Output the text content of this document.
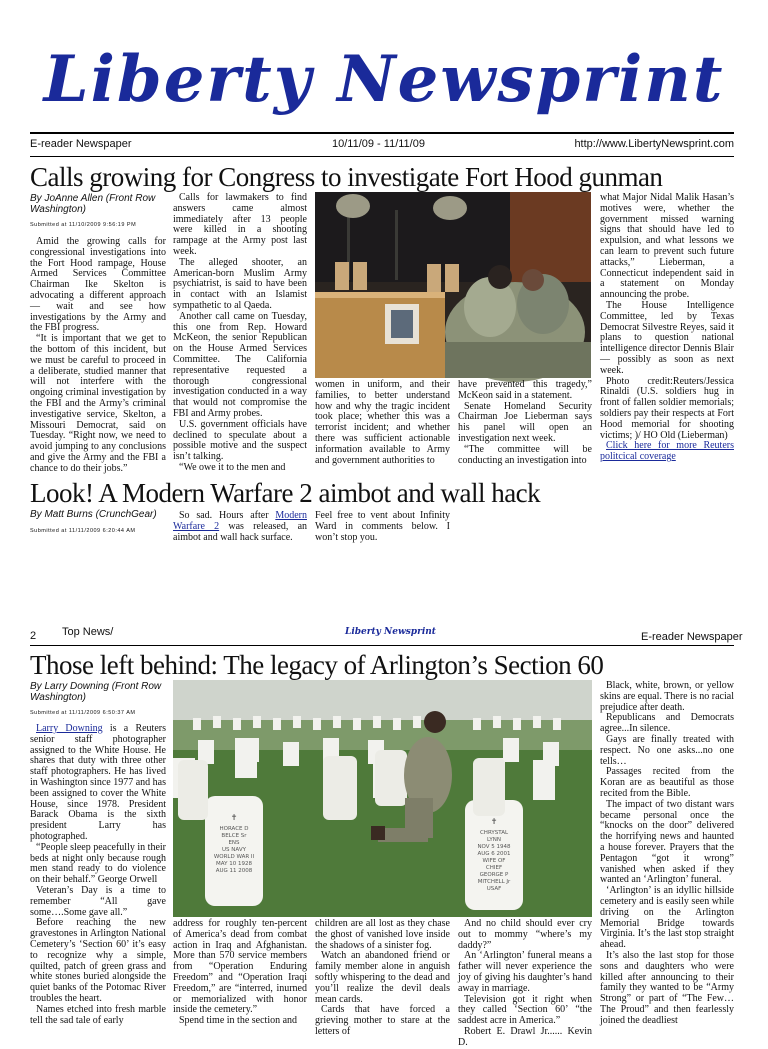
Liberty Newsprint
E-reader Newspaper	10/11/09 - 11/11/09	http://www.LibertyNewsprint.com
Calls growing for Congress to investigate Fort Hood gunman
By JoAnne Allen (Front Row Washington)
Submitted at 11/10/2009 9:56:19 PM

Amid the growing calls for congressional investigations into the Fort Hood rampage, House Armed Services Committee Chairman Ike Skelton is advocating a different approach — wait and see how investigations by the Army and the FBI progress.

“It is important that we get to the bottom of this incident, but we must be careful to proceed in a deliberate, studied manner that will not interfere with the ongoing criminal investigation by the FBI and the Army’s criminal investigative service, Skelton, a Missouri Democrat, said on Tuesday. “Right now, we need to avoid jumping to any conclusions and give the Army and the FBI a chance to do their jobs.”

Calls for lawmakers to find answers came almost immediately after 13 people were killed in a shooting rampage at the Army post last week.

The alleged shooter, an American-born Muslim Army psychiatrist, is said to have been in contact with an Islamist sympathetic to al Qaeda.

Another call came on Tuesday, this one from Rep. Howard McKeon, the senior Republican on the House Armed Services Committee. The California representative requested a thorough congressional investigation conducted in a way that would not compromise the FBI and Army probes.

U.S. government officials have declined to speculate about a possible motive and the suspect isn’t talking.

“We owe it to the men and

women in uniform, and their families, to better understand how and why the tragic incident took place; whether this was a terrorist incident; and whether there was sufficient actionable information available to Army and government authorities to

have prevented this tragedy,” McKeon said in a statement.

Senate Homeland Security Chairman Joe Lieberman says his panel will open an investigation next week.

“The committee will be conducting an investigation into

what Major Nidal Malik Hasan’s motives were, whether the government missed warning signs that should have led to expulsion, and what lessons we can learn to prevent such future attacks,” Lieberman, a Connecticut independent said in a statement on Monday announcing the probe.

The House Intelligence Committee, led by Texas Democrat Silvestre Reyes, said it plans to question national intelligence director Dennis Blair — possibly as soon as next week.

Photo credit:Reuters/Jessica Rinaldi (U.S. soldiers hug in front of fallen soldier memorials; soldiers pay their respects at Fort Hood memorial for shooting victims; )/ HO Old (Lieberman)

Click here for more Reuters politcical coverage

Look! A Modern Warfare 2 aimbot and wall hack
By Matt Burns (CrunchGear)
Submitted at 11/11/2009 6:20:44 AM

So sad. Hours after Modern Warfare 2 was released, an aimbot and wall hack surface.

Feel free to vent about Infinity Ward in comments below. I won’t stop you.

2 Top News/	Liberty Newsprint	E-reader Newspaper
Those left behind: The legacy of Arlington’s Section 60
By Larry Downing (Front Row Washington)
Submitted at 11/11/2009 6:50:37 AM

Larry Downing is a Reuters senior staff photographer assigned to the White House. He shares that duty with three other staff photographers. He has lived in Washington since 1977 and has been assigned to cover the White House, since 1978. President Barack Obama is the sixth president Larry has photographed.

“People sleep peacefully in their beds at night only because rough men stand ready to do violence on their behalf.” George Orwell

Veteran’s Day is a time to remember “All gave some….Some gave all.”

Before reaching the new gravestones in Arlington National Cemetery’s ‘Section 60’ it’s easy to recognize why a simple, quilted, patch of green grass and white stones buried alongside the quiet banks of the Potomac River troubles the heart.

Names etched into fresh marble tell the sad tale of early

✝	✝
HORACE D
BELCE Sr
ENS
US NAVY
WORLD WAR II
MAY 10 1928
AUG 11 2008
CHRYSTAL
LYNN
NOV 5 1948
AUG 6 2001
WIFE OF
CHIEF
GEORGE P
MITCHELL Jr
USAF

address for roughly ten-percent of America’s dead from combat action in Iraq and Afghanistan. More than 570 service members from “Operation Enduring Freedom” and “Operation Iraqi Freedom,” are “interred, inurned or memorialized with honor inside the cemetery.”

Spend time in the section and

children are all lost as they chase the ghost of vanished love inside the shadows of a sinister fog.

Watch an abandoned friend or family member alone in anguish softly whispering to the dead and you’ll realize the devil deals mean cards.

Cards that have forced a grieving mother to stare at the letters of

And no child should ever cry out to mommy “where’s my daddy?”

An ‘Arlington’ funeral means a father will never experience the joy of giving his daughter’s hand away in marriage.

Television got it right when they called ‘Section 60’ “the saddest acre in America.”

Robert E. Drawl Jr...... Kevin D.

Black, white, brown, or yellow skins are equal. There is no racial prejudice after death.

Republicans and Democrats agree...In silence.

Gays are finally treated with respect. No one asks...no one tells…

Passages recited from the Koran are as beautiful as those recited from the Bible.

The impact of two distant wars became personal once the “knocks on the door” delivered the horrifying news and haunted a house forever. Prayers that the Pentagon “got it wrong” vanished when asked if they wanted an ‘Arlington’ funeral.

‘Arlington’ is an idyllic hillside cemetery and is easily seen while driving on the Arlington Memorial Bridge towards Virginia. It’s the last stop straight ahead.

It’s also the last stop for those sons and daughters who were killed after announcing to their family they wanted to be “Army Strong” or part of “The Few…The Proud” and then fearlessly joined the deadliest
